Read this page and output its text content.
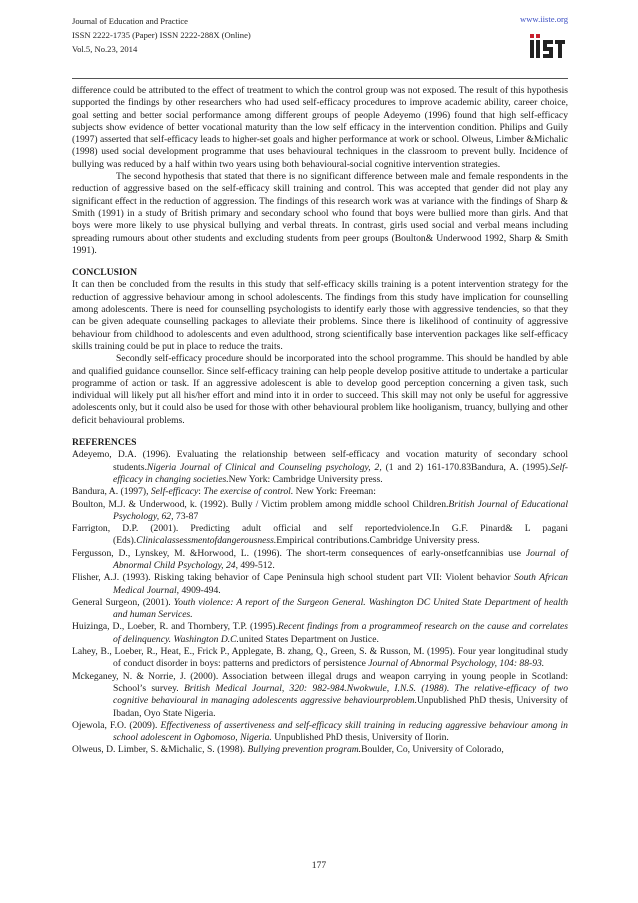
Journal of Education and Practice
ISSN 2222-1735 (Paper) ISSN 2222-288X (Online)
Vol.5, No.23, 2014
www.iiste.org

difference could be attributed to the effect of treatment to which the control group was not exposed. The result of this hypothesis supported the findings by other researchers who had used self-efficacy procedures to improve academic ability, career choice, goal setting and better social performance among different groups of people Adeyemo (1996) found that high self-efficacy subjects show evidence of better vocational maturity than the low self efficacy in the intervention condition. Philips and Guily (1997) asserted that self-efficacy leads to higher-set goals and higher performance at work or school. Olweus, Limber &Michalic (1998) used social development programme that uses behavioural techniques in the classroom to prevent bully. Incidence of bullying was reduced by a half within two years using both behavioural-social cognitive intervention strategies.

The second hypothesis that stated that there is no significant difference between male and female respondents in the reduction of aggressive based on the self-efficacy skill training and control. This was accepted that gender did not play any significant effect in the reduction of aggression. The findings of this research work was at variance with the findings of Sharp & Smith (1991) in a study of British primary and secondary school who found that boys were bullied more than girls. And that boys were more likely to use physical bullying and verbal threats. In contrast, girls used social and verbal means including spreading rumours about other students and excluding students from peer groups (Boulton& Underwood 1992, Sharp & Smith 1991).

CONCLUSION

It can then be concluded from the results in this study that self-efficacy skills training is a potent intervention strategy for the reduction of aggressive behaviour among in school adolescents. The findings from this study have implication for counselling among adolescents. There is need for counselling psychologists to identify early those with aggressive tendencies, so that they can be given adequate counselling packages to alleviate their problems. Since there is likelihood of continuity of aggressive behaviour from childhood to adolescents and even adulthood, strong scientifically base intervention packages like self-efficacy skills training could be put in place to reduce the traits.

Secondly self-efficacy procedure should be incorporated into the school programme. This should be handled by able and qualified guidance counsellor. Since self-efficacy training can help people develop positive attitude to undertake a particular programme of action or task. If an aggressive adolescent is able to develop good perception concerning a given task, such individual will likely put all his/her effort and mind into it in order to succeed. This skill may not only be useful for aggressive adolescents only, but it could also be used for those with other behavioural problem like hooliganism, truancy, bullying and other deficit behavioural problems.

REFERENCES

Adeyemo, D.A. (1996). Evaluating the relationship between self-efficacy and vocation maturity of secondary school students.Nigeria Journal of Clinical and Counseling psychology, 2, (1 and 2) 161-170.83Bandura, A. (1995).Self-efficacy in changing societies.New York: Cambridge University press.

Bandura, A. (1997), Self-efficacy: The exercise of control. New York: Freeman:

Boulton, M.J. & Underwood, k. (1992). Bully / Victim problem among middle school Children.British Journal of Educational Psychology, 62, 73-87

Farrigton, D.P. (2001). Predicting adult official and self reportedviolence.In G.F. Pinard& L pagani (Eds).Clinicalassessmentofdangerousness.Empirical contributions.Cambridge University press.

Fergusson, D., Lynskey, M. &Horwood, L. (1996). The short-term consequences of early-onsetfcannibias use Journal of Abnormal Child Psychology, 24, 499-512.

Flisher, A.J. (1993). Risking taking behavior of Cape Peninsula high school student part VII: Violent behavior South African Medical Journal, 4909-494.

General Surgeon, (2001). Youth violence: A report of the Surgeon General. Washington DC United State Department of health and human Services.

Huizinga, D., Loeber, R. and Thornbery, T.P. (1995).Recent findings from a programmeof research on the cause and correlates of delinquency. Washington D.C.united States Department on Justice.

Lahey, B., Loeber, R., Heat, E., Frick P., Applegate, B. zhang, Q., Green, S. & Russon, M. (1995). Four year longitudinal study of conduct disorder in boys: patterns and predictors of persistence Journal of Abnormal Psychology, 104: 88-93.

Mckeganey, N. & Norrie, J. (2000). Association between illegal drugs and weapon carrying in young people in Scotland: School’s survey. British Medical Journal, 320: 982-984.Nwokwule, I.N.S. (1988). The relative-efficacy of two cognitive behavioural in managing adolescents aggressive behaviourproblem.Unpublished PhD thesis, University of Ibadan, Oyo State Nigeria.

Ojewola, F.O. (2009). Effectiveness of assertiveness and self-efficacy skill training in reducing aggressive behaviour among in school adolescent in Ogbomoso, Nigeria. Unpublished PhD thesis, University of Ilorin.

Olweus, D. Limber, S. &Michalic, S. (1998). Bullying prevention program.Boulder, Co, University of Colorado,

177
